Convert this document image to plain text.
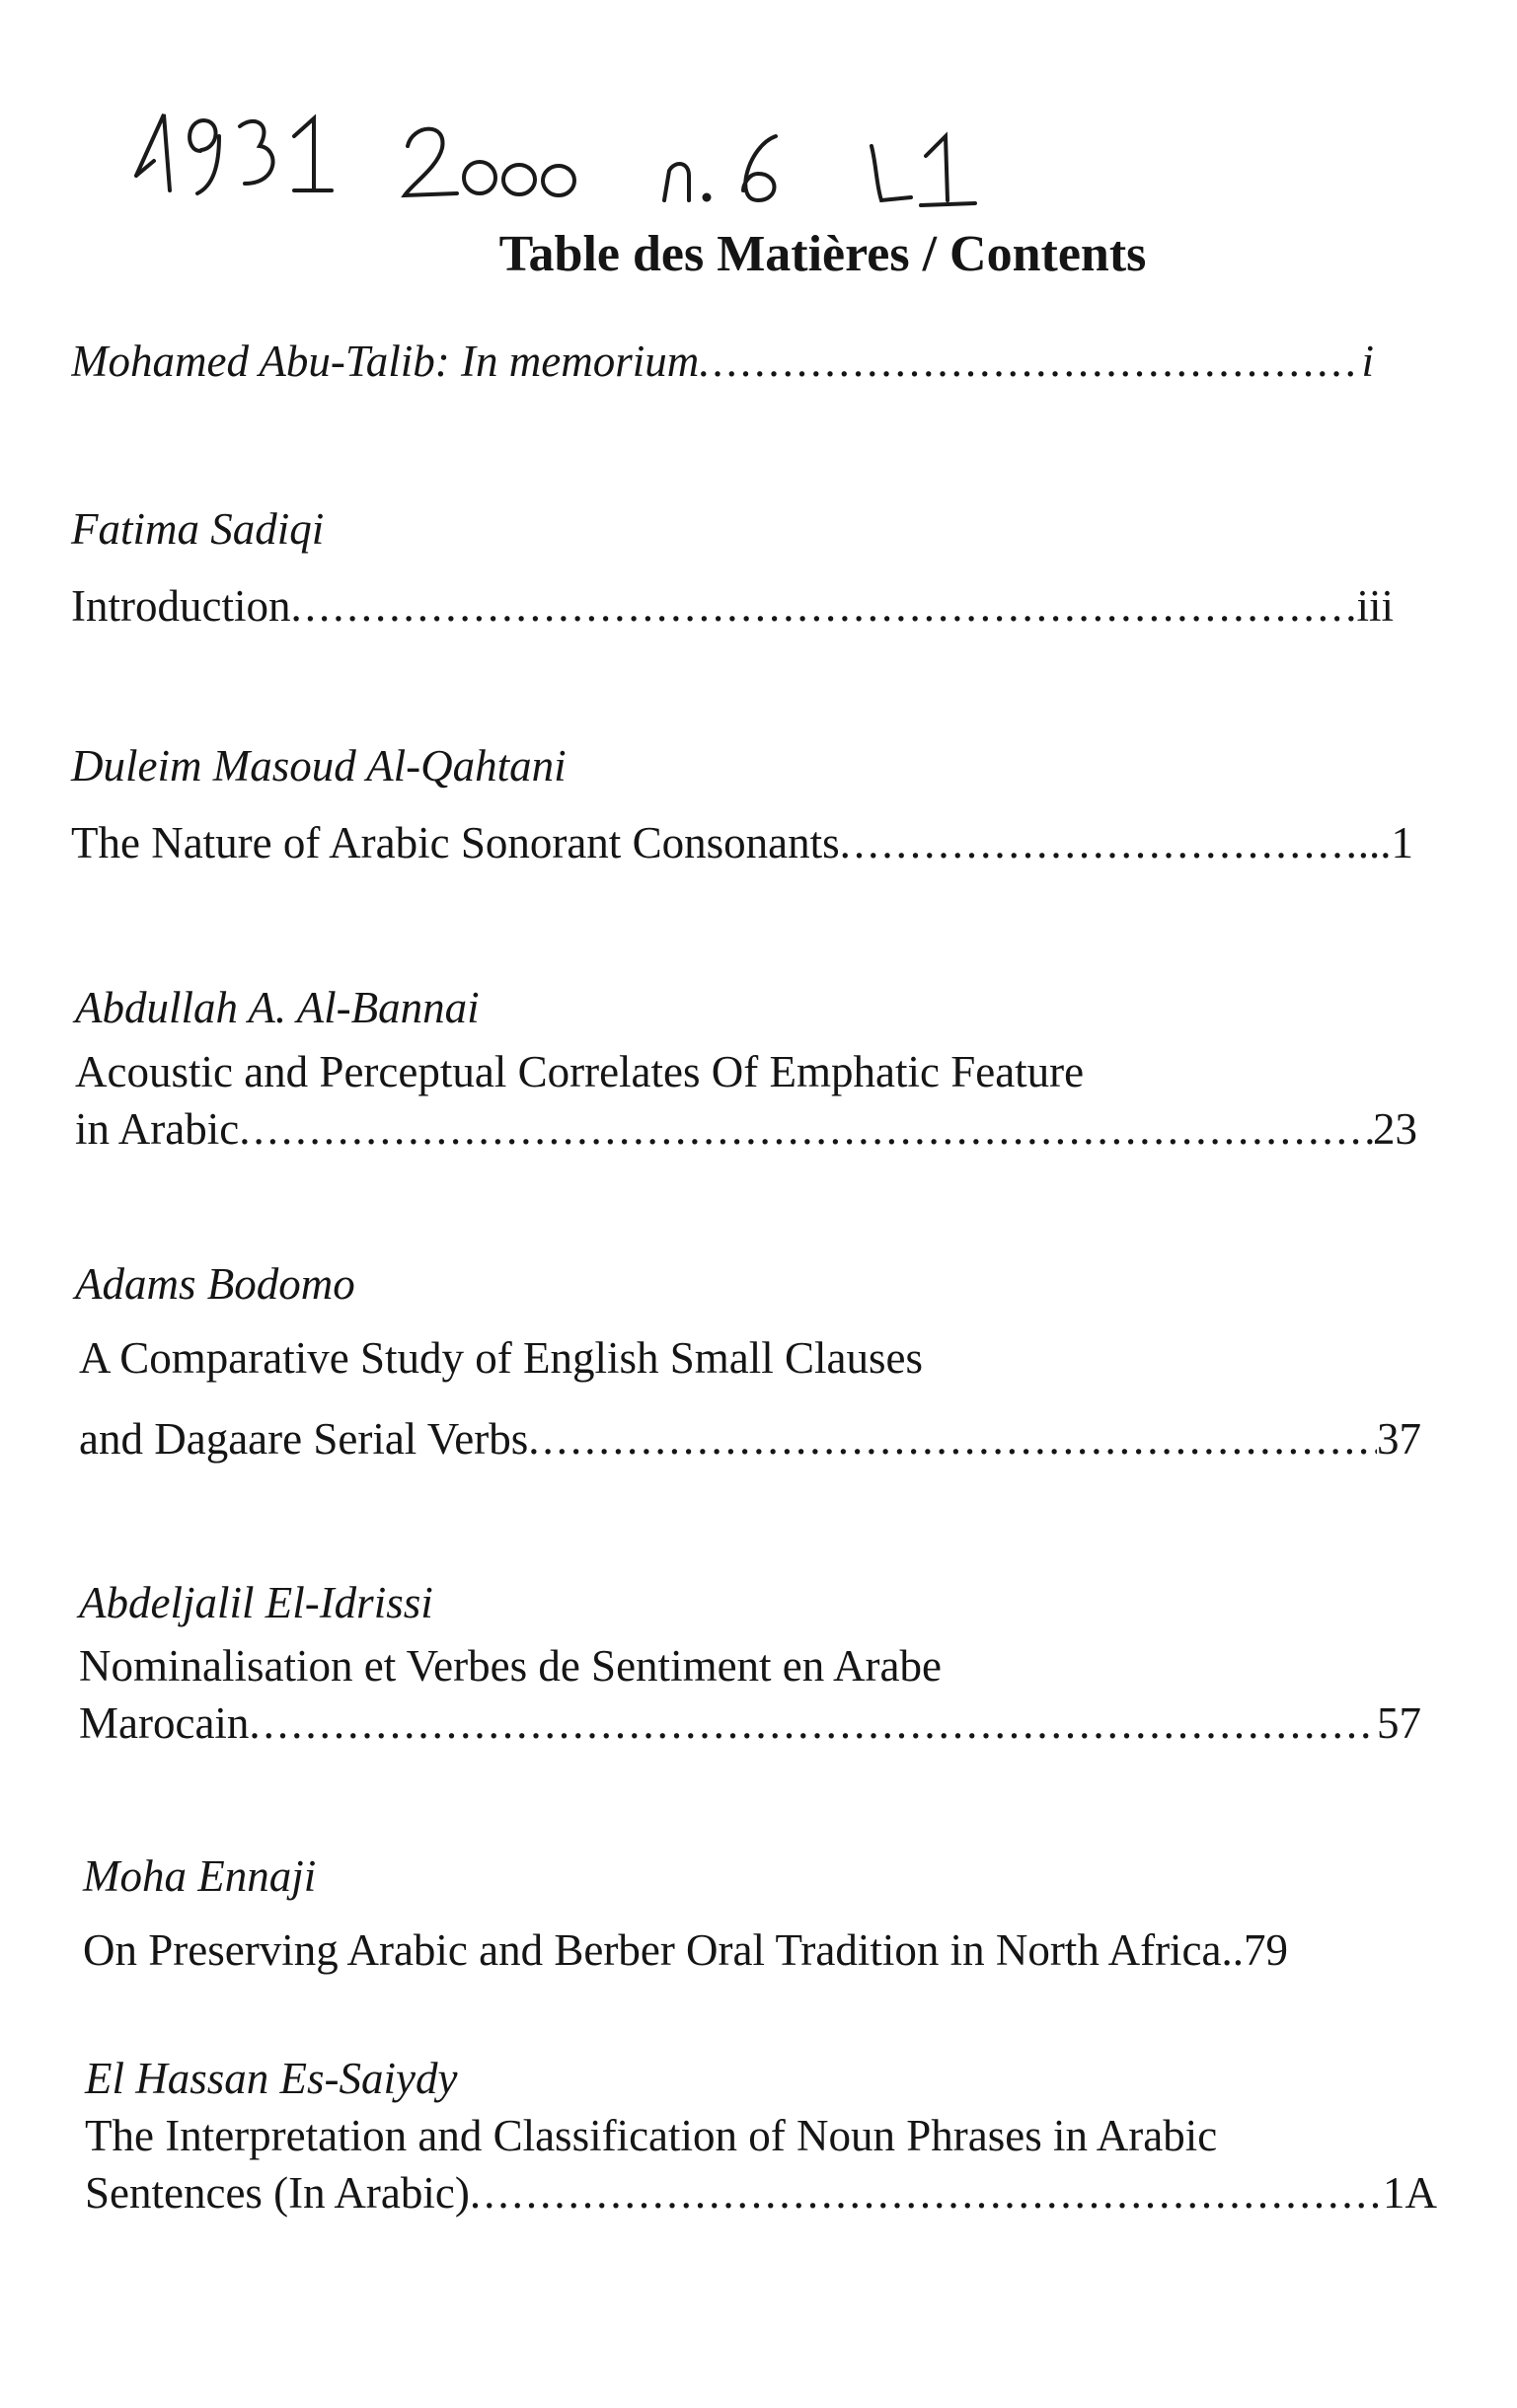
Table des Matières / Contents
Mohamed Abu-Talib: In memorium .....	i
Fatima Sadiqi
Introduction .....	iii
Duleim Masoud Al-Qahtani
The Nature of Arabic Sonorant Consonants .....	...1
Abdullah A. Al-Bannai
Acoustic and Perceptual Correlates Of Emphatic Feature
in Arabic .....	23
Adams Bodomo
A Comparative Study of English Small Clauses
and Dagaare Serial Verbs .....	37
Abdeljalil El-Idrissi
Nominalisation et Verbes de Sentiment en Arabe
Marocain .....	57
Moha Ennaji
On Preserving Arabic and Berber Oral Tradition in North Africa..79
El Hassan Es-Saiydy
The Interpretation and Classification of Noun Phrases in Arabic
Sentences (In Arabic) .....	1A
